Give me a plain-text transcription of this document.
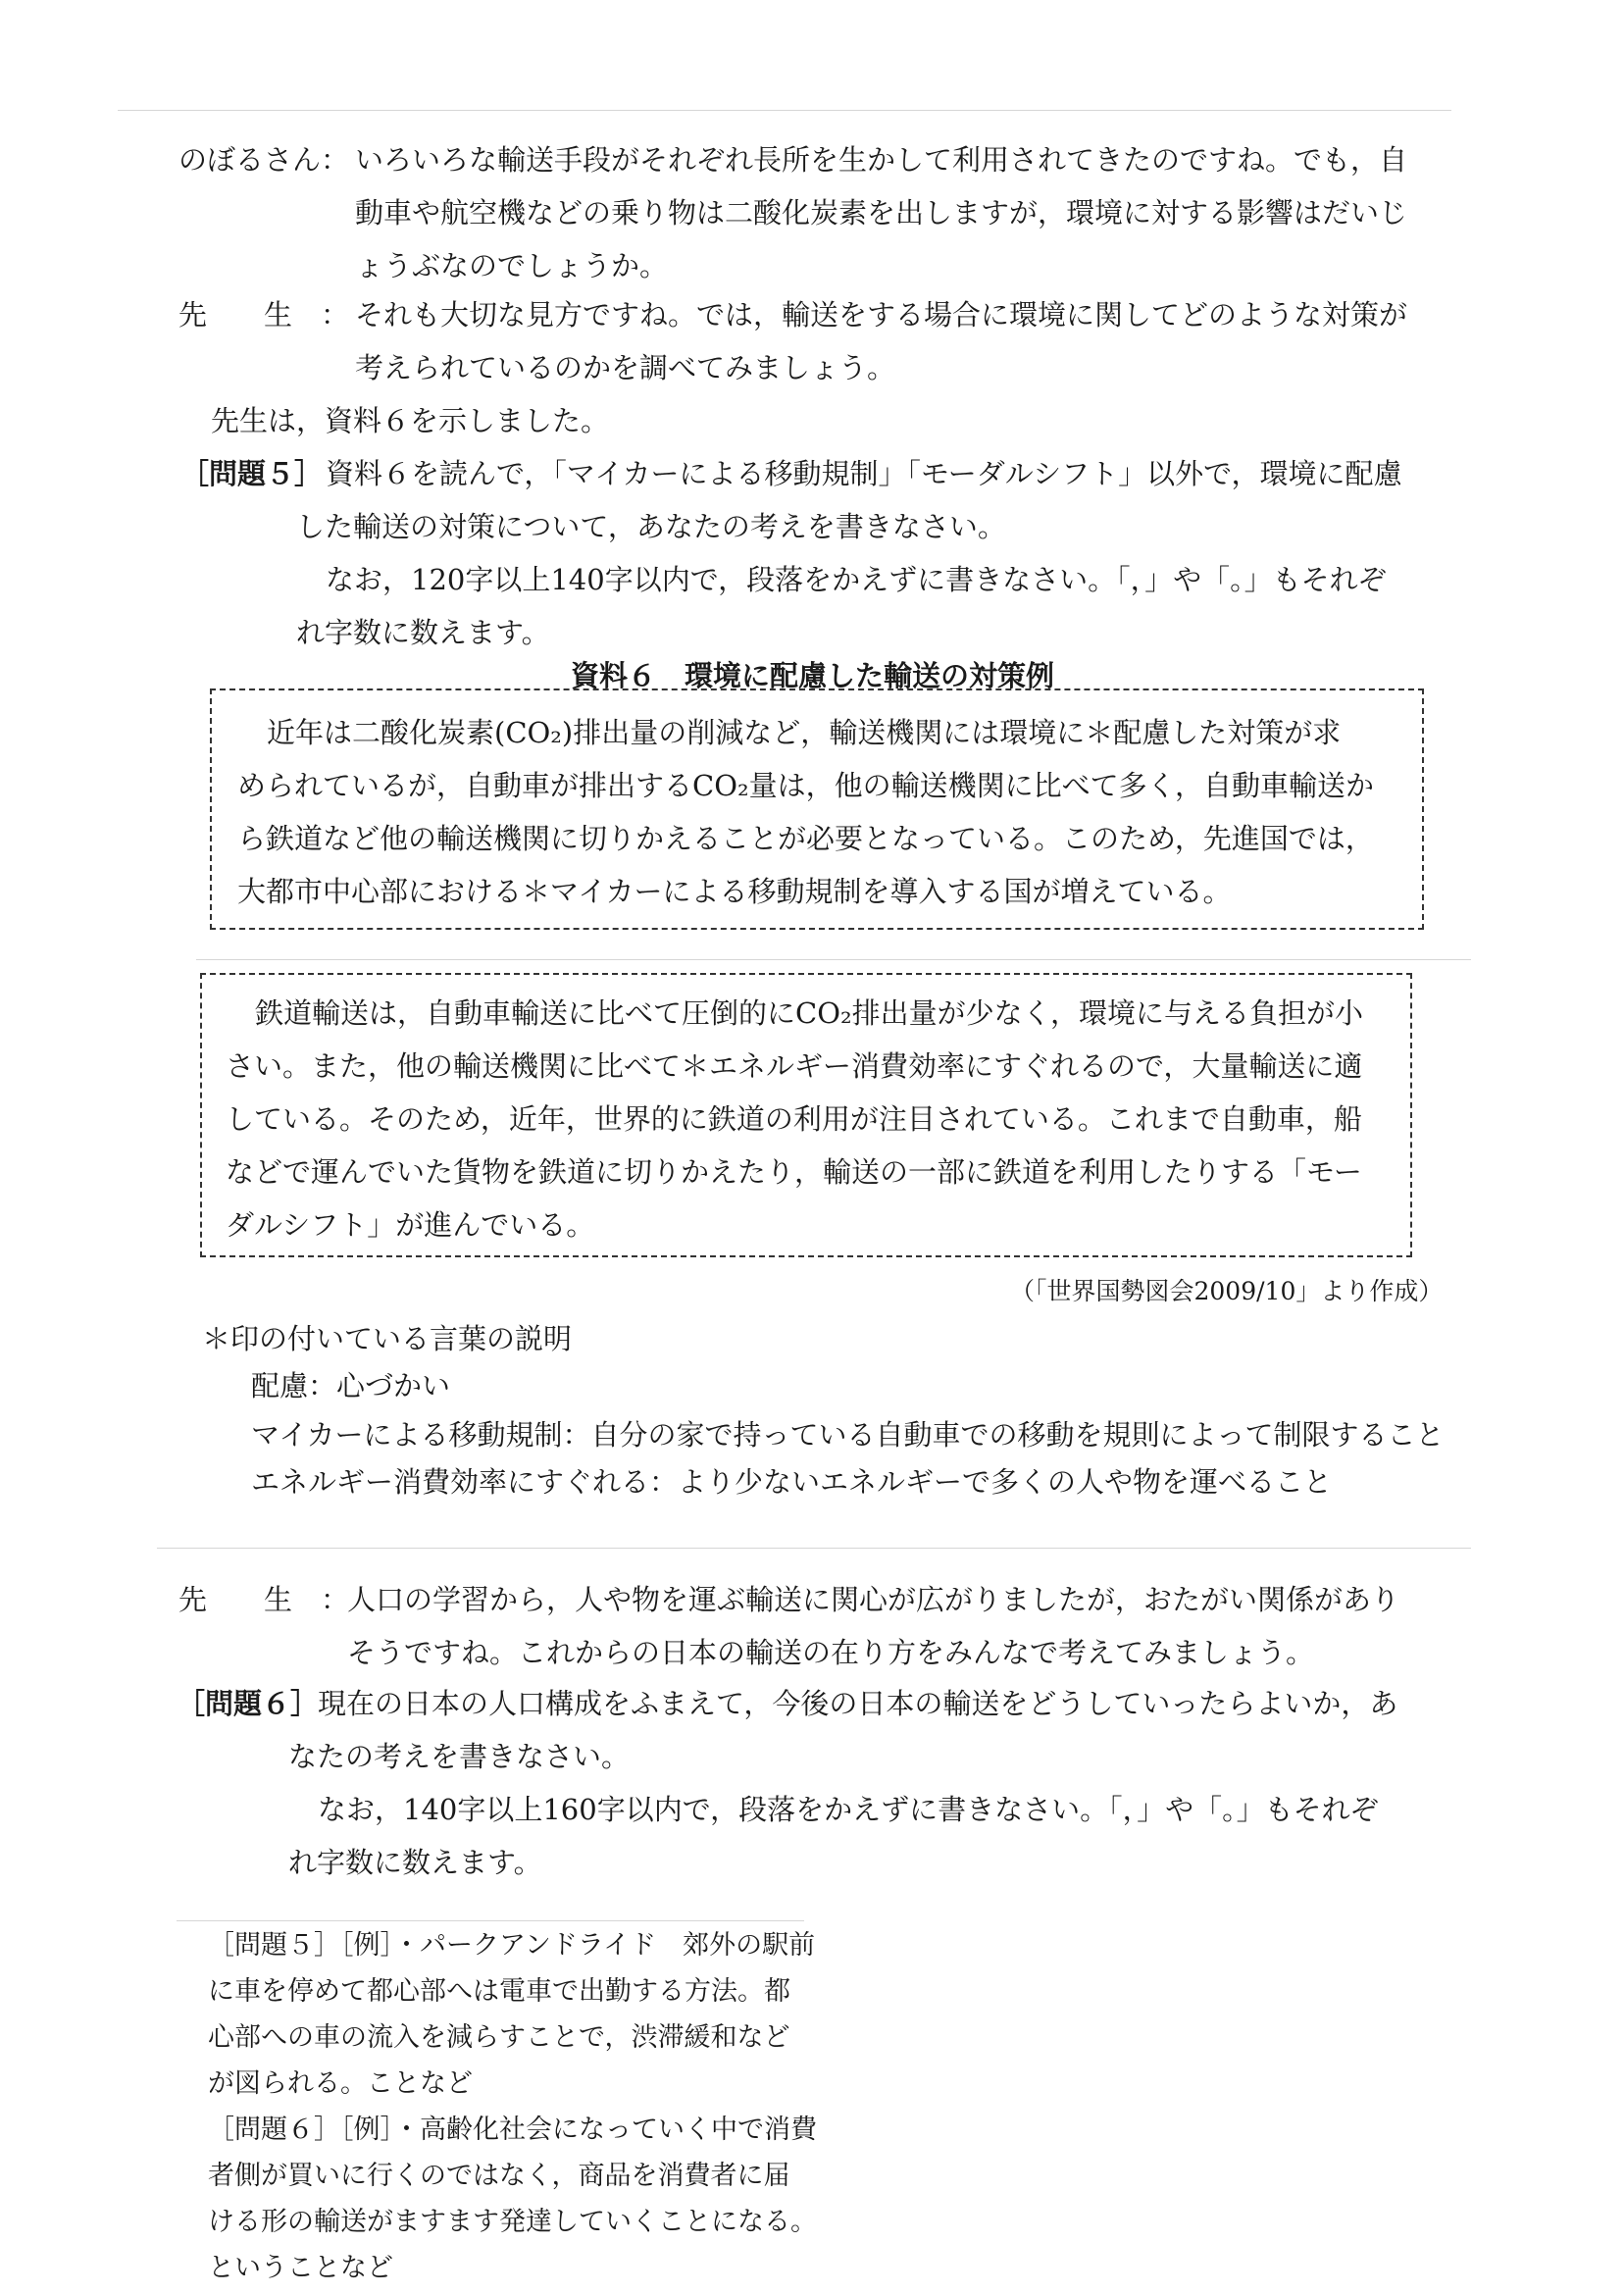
のぼるさん： いろいろな輸送手段がそれぞれ長所を生かして利用されてきたのですね。でも，自
動車や航空機などの乗り物は二酸化炭素を出しますが，環境に対する影響はだいじ
ょうぶなのでしょうか。
先　　生　： それも大切な見方ですね。では，輸送をする場合に環境に関してどのような対策が
考えられているのかを調べてみましょう。
先生は，資料６を示しました。
［問題５］ 資料６を読んで，「マイカーによる移動規制」「モーダルシフト」以外で，環境に配慮
した輸送の対策について，あなたの考えを書きなさい。
なお，120字以上140字以内で，段落をかえずに書きなさい。「，」や「。」もそれぞ
れ字数に数えます。
資料６　環境に配慮した輸送の対策例
近年は二酸化炭素(CO₂)排出量の削減など，輸送機関には環境に＊配慮した対策が求
められているが，自動車が排出するCO₂量は，他の輸送機関に比べて多く，自動車輸送か
ら鉄道など他の輸送機関に切りかえることが必要となっている。このため，先進国では，
大都市中心部における＊マイカーによる移動規制を導入する国が増えている。
鉄道輸送は，自動車輸送に比べて圧倒的にCO₂排出量が少なく，環境に与える負担が小
さい。また，他の輸送機関に比べて＊エネルギー消費効率にすぐれるので，大量輸送に適
している。そのため，近年，世界的に鉄道の利用が注目されている。これまで自動車，船
などで運んでいた貨物を鉄道に切りかえたり，輸送の一部に鉄道を利用したりする「モー
ダルシフト」が進んでいる。
（「世界国勢図会2009/10」より作成）
＊印の付いている言葉の説明
配慮：心づかい
マイカーによる移動規制：自分の家で持っている自動車での移動を規則によって制限すること
エネルギー消費効率にすぐれる：より少ないエネルギーで多くの人や物を運べること
先　　生　：
人口の学習から，人や物を運ぶ輸送に関心が広がりましたが，おたがい関係があり
そうですね。これからの日本の輸送の在り方をみんなで考えてみましょう。
［問題６］
現在の日本の人口構成をふまえて，今後の日本の輸送をどうしていったらよいか，あ
なたの考えを書きなさい。
なお，140字以上160字以内で，段落をかえずに書きなさい。「，」や「。」もそれぞ
れ字数に数えます。
［問題５］［例］・パークアンドライド　郊外の駅前
に車を停めて都心部へは電車で出勤する方法。都
心部への車の流入を減らすことで，渋滞緩和など
が図られる。ことなど
［問題６］［例］・高齢化社会になっていく中で消費
者側が買いに行くのではなく，商品を消費者に届
ける形の輸送がますます発達していくことになる。
ということなど
